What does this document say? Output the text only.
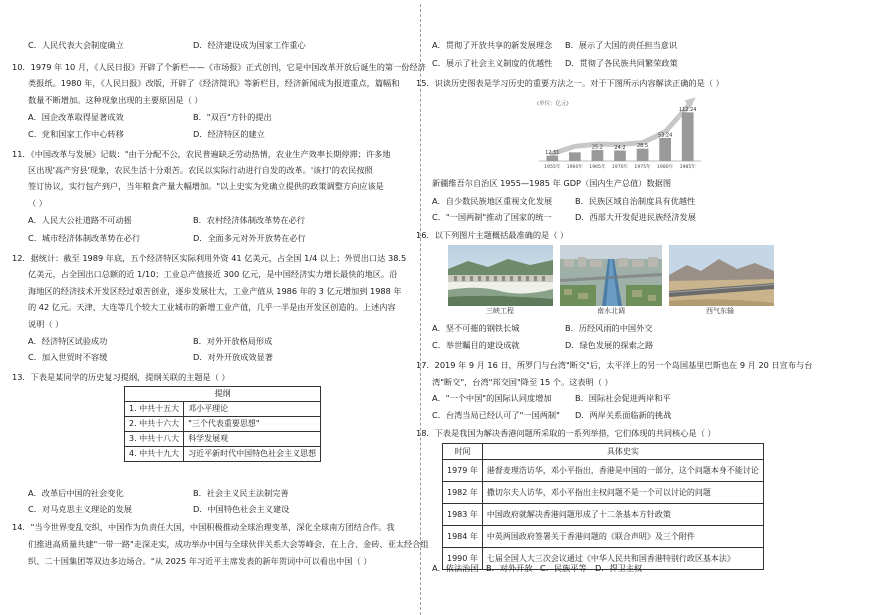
C．人民代表大会制度确立	D．经济建设成为国家工作重心
10．1979 年 10 月，《人民日报》开辟了个新栏——《市场报》正式创刊，它是中国改革开放后诞生的第一份经济
类报纸。1980 年，《人民日报》改版，开辟了《经济简讯》等新栏目，经济新闻成为报道重点，篇幅和
数量不断增加。这种现象出现的主要原因是（ ）
A．国企改革取得显著成效	B．"双百"方针的提出
C．党和国家工作中心转移	D．经济特区的建立
11．《中国改革与发展》记载："由于分配不公，农民普遍缺乏劳动热情，农业生产效率长期停滞；许多地
区出现'高产穷县'现象，农民生活十分艰苦。农民以实际行动进行自发的改革。'该打'的农民按照
签订协议，实行包产到户，当年粮食产量大幅增加。"以上史实为党确立提供的政策调整方向应该是
（ ）
A．人民大公社道路不可动摇	B．农村经济体制改革势在必行
C．城市经济体制改革势在必行	D．全面多元对外开放势在必行
12．据统计：截至 1989 年底，五个经济特区实际利用外资 41 亿美元，占全国 1/4 以上；外贸出口达 38.5
亿美元，占全国出口总额的近 1/10；工业总产值接近 300 亿元，是中国经济实力增长最快的地区。沿
海地区的经济技术开发区经过艰苦创业，逐步发展壮大，工业产值从 1986 年的 3 亿元增加到 1988 年
的 42 亿元。天津、大连等几个较大工业城市的新增工业产值，几乎一半是由开发区创造的。上述内容
说明（ ）
A．经济特区试验成功	B．对外开放格局形成
C．加入世贸时不容缓	D．对外开放成效显著
13．下表是某同学的历史复习提纲，提纲关联的主题是（ ）
提纲	
1. 中共十五大	邓小平理论
2. 中共十六大	"三个代表重要思想"
3. 中共十八大	科学发展观
4. 中共十九大	习近平新时代中国特色社会主义思想
A．改革后中国的社会变化	B．社会主义民主法制完善
C．对马克思主义理论的发展	D．中国特色社会主义建设
14．"当今世界变乱交织，中国作为负责任大国，中国积极推动全球治理变革，深化全球南方团结合作。我
们推进高质量共建"一带一路"走深走实，成功举办中国与全球伙伴关系大会等峰会，在上合、金砖、亚太经合组
织、二十国集团等双边多边场合。"从 2025 年习近平主席发表的新年贺词中可以看出中国（ ）
A．贯彻了开放共享的新发展理念 B．展示了大国的责任担当意识
C．展示了社会主义制度的优越性 D．贯彻了各民族共同繁荣政策
15．识读历史图表是学习历史的重要方法之一。对于下图所示内容解读正确的是（ ）
(单位：亿元)
12.31
1955年 1960年
25.2
1965年
24.2
1970年
28.5
1975年
53.24
1980年
112.24
1985年
新疆维吾尔自治区 1955—1985 年 GDP（国内生产总值）数据图
A．自少数民族地区重视文化发展	B．民族区域自治制度具有优越性
C．"一国两制"推动了国家的统一	D．西部大开发促进民族经济发展
16．以下列图片主题概括最准确的是（ ）
三峡工程	南水北调	西气东输
A．坚不可摧的钢铁长城	B．历经风雨的中国外交
C．举世瞩目的建设成就	D．绿色发展的探索之路
17．2019 年 9 月 16 日，所罗门与台湾"断交"后，太平洋上的另一个岛国基里巴斯也在 9 月 20 日宣布与台
湾"断交"，台湾"邦交国"降至 15 个。这表明（ ）
A．"一个中国"的国际认同度增加	B．国际社会促进两岸和平
C．台湾当局已经认可了"一国两制" D．两岸关系面临新的挑战
18．下表是我国为解决香港问题所采取的一系列举措，它们体现的共同核心是（ ）
时间	具体史实
1979 年	港督麦理浩访华，邓小平指出，香港是中国的一部分，这个问题本身不能讨论
1982 年	撒切尔夫人访华，邓小平指出主权问题不是一个可以讨论的问题
1983 年	中国政府就解决香港问题形成了十二条基本方针政策
1984 年	中英两国政府签署关于香港问题的《联合声明》及三个附件
1990 年	七届全国人大三次会议通过《中华人民共和国香港特别行政区基本法》
A．依法治国 B．对外开放 C．民族平等 D．捍卫主权
